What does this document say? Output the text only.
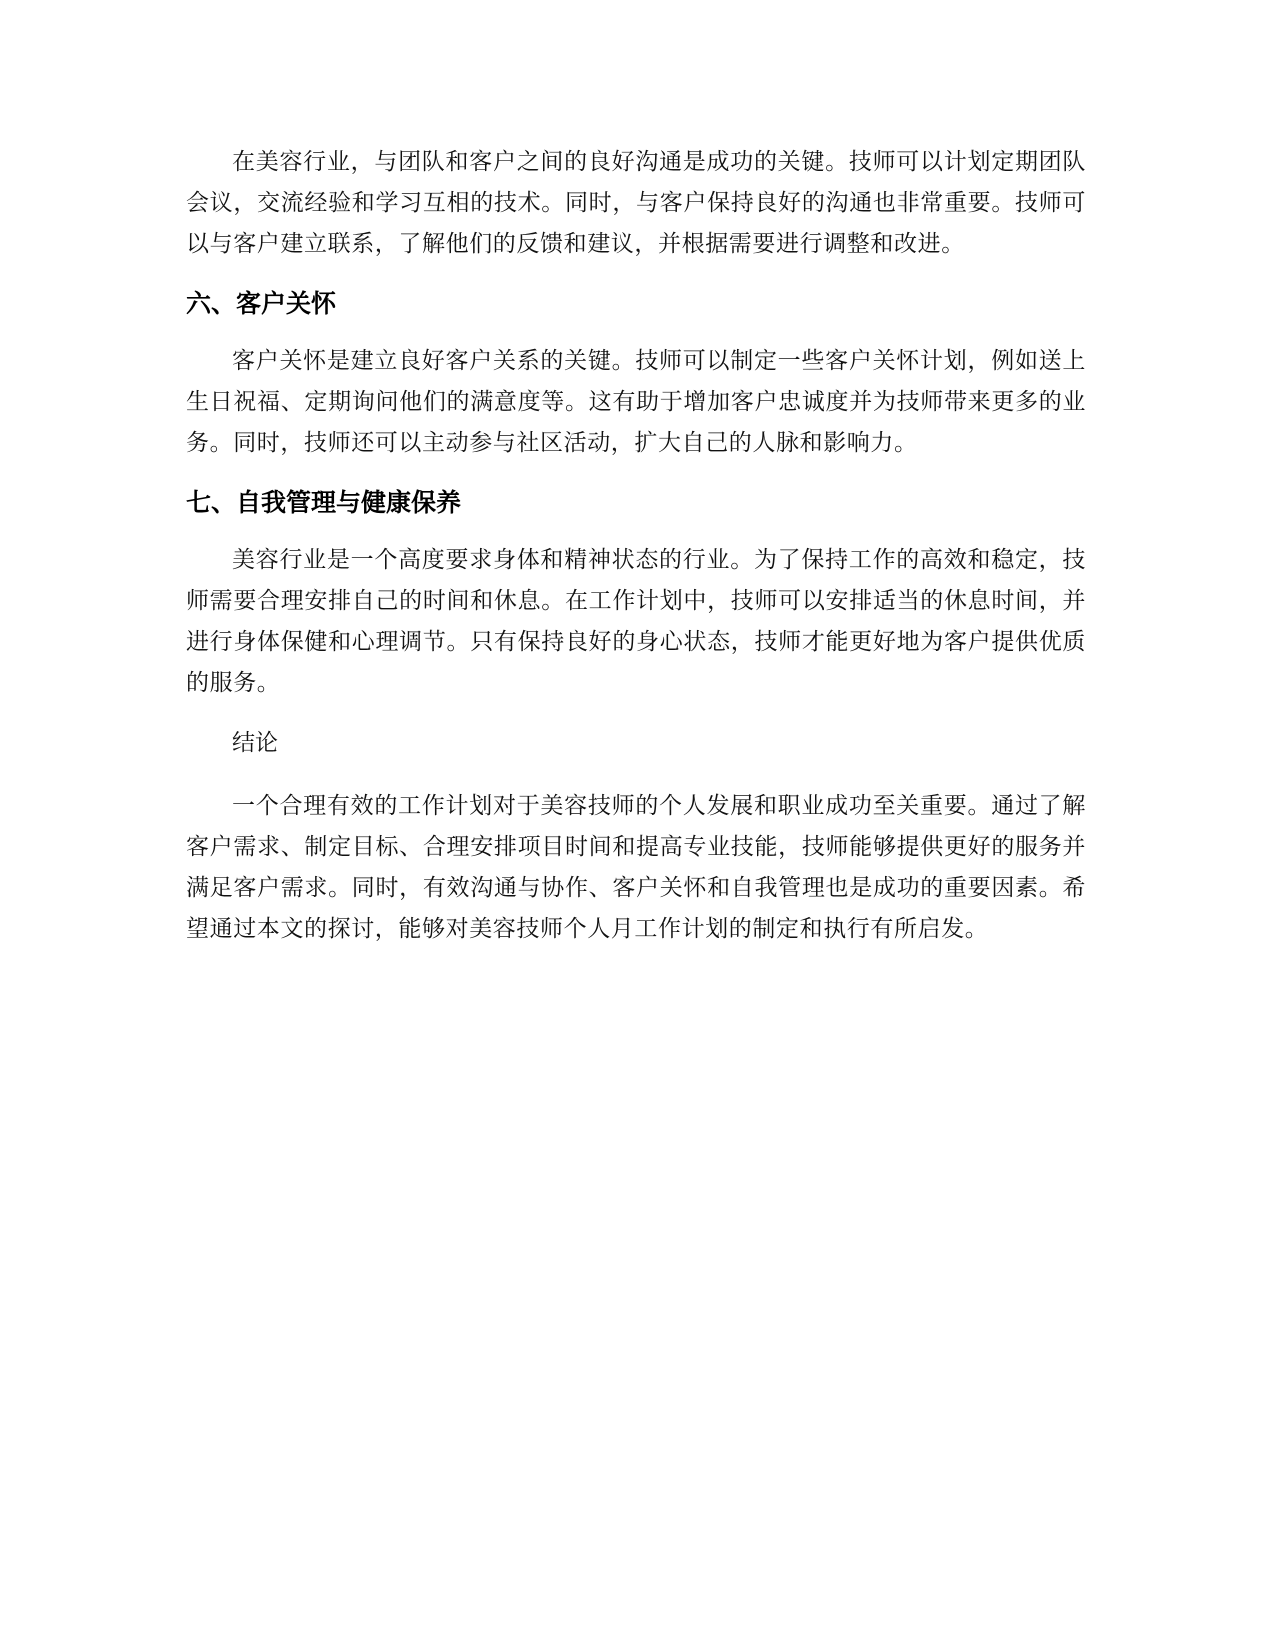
在美容行业，与团队和客户之间的良好沟通是成功的关键。技师可以计划定期团队会议，交流经验和学习互相的技术。同时，与客户保持良好的沟通也非常重要。技师可以与客户建立联系，了解他们的反馈和建议，并根据需要进行调整和改进。

六、客户关怀

客户关怀是建立良好客户关系的关键。技师可以制定一些客户关怀计划，例如送上生日祝福、定期询问他们的满意度等。这有助于增加客户忠诚度并为技师带来更多的业务。同时，技师还可以主动参与社区活动，扩大自己的人脉和影响力。

七、自我管理与健康保养

美容行业是一个高度要求身体和精神状态的行业。为了保持工作的高效和稳定，技师需要合理安排自己的时间和休息。在工作计划中，技师可以安排适当的休息时间，并进行身体保健和心理调节。只有保持良好的身心状态，技师才能更好地为客户提供优质的服务。

结论

一个合理有效的工作计划对于美容技师的个人发展和职业成功至关重要。通过了解客户需求、制定目标、合理安排项目时间和提高专业技能，技师能够提供更好的服务并满足客户需求。同时，有效沟通与协作、客户关怀和自我管理也是成功的重要因素。希望通过本文的探讨，能够对美容技师个人月工作计划的制定和执行有所启发。
